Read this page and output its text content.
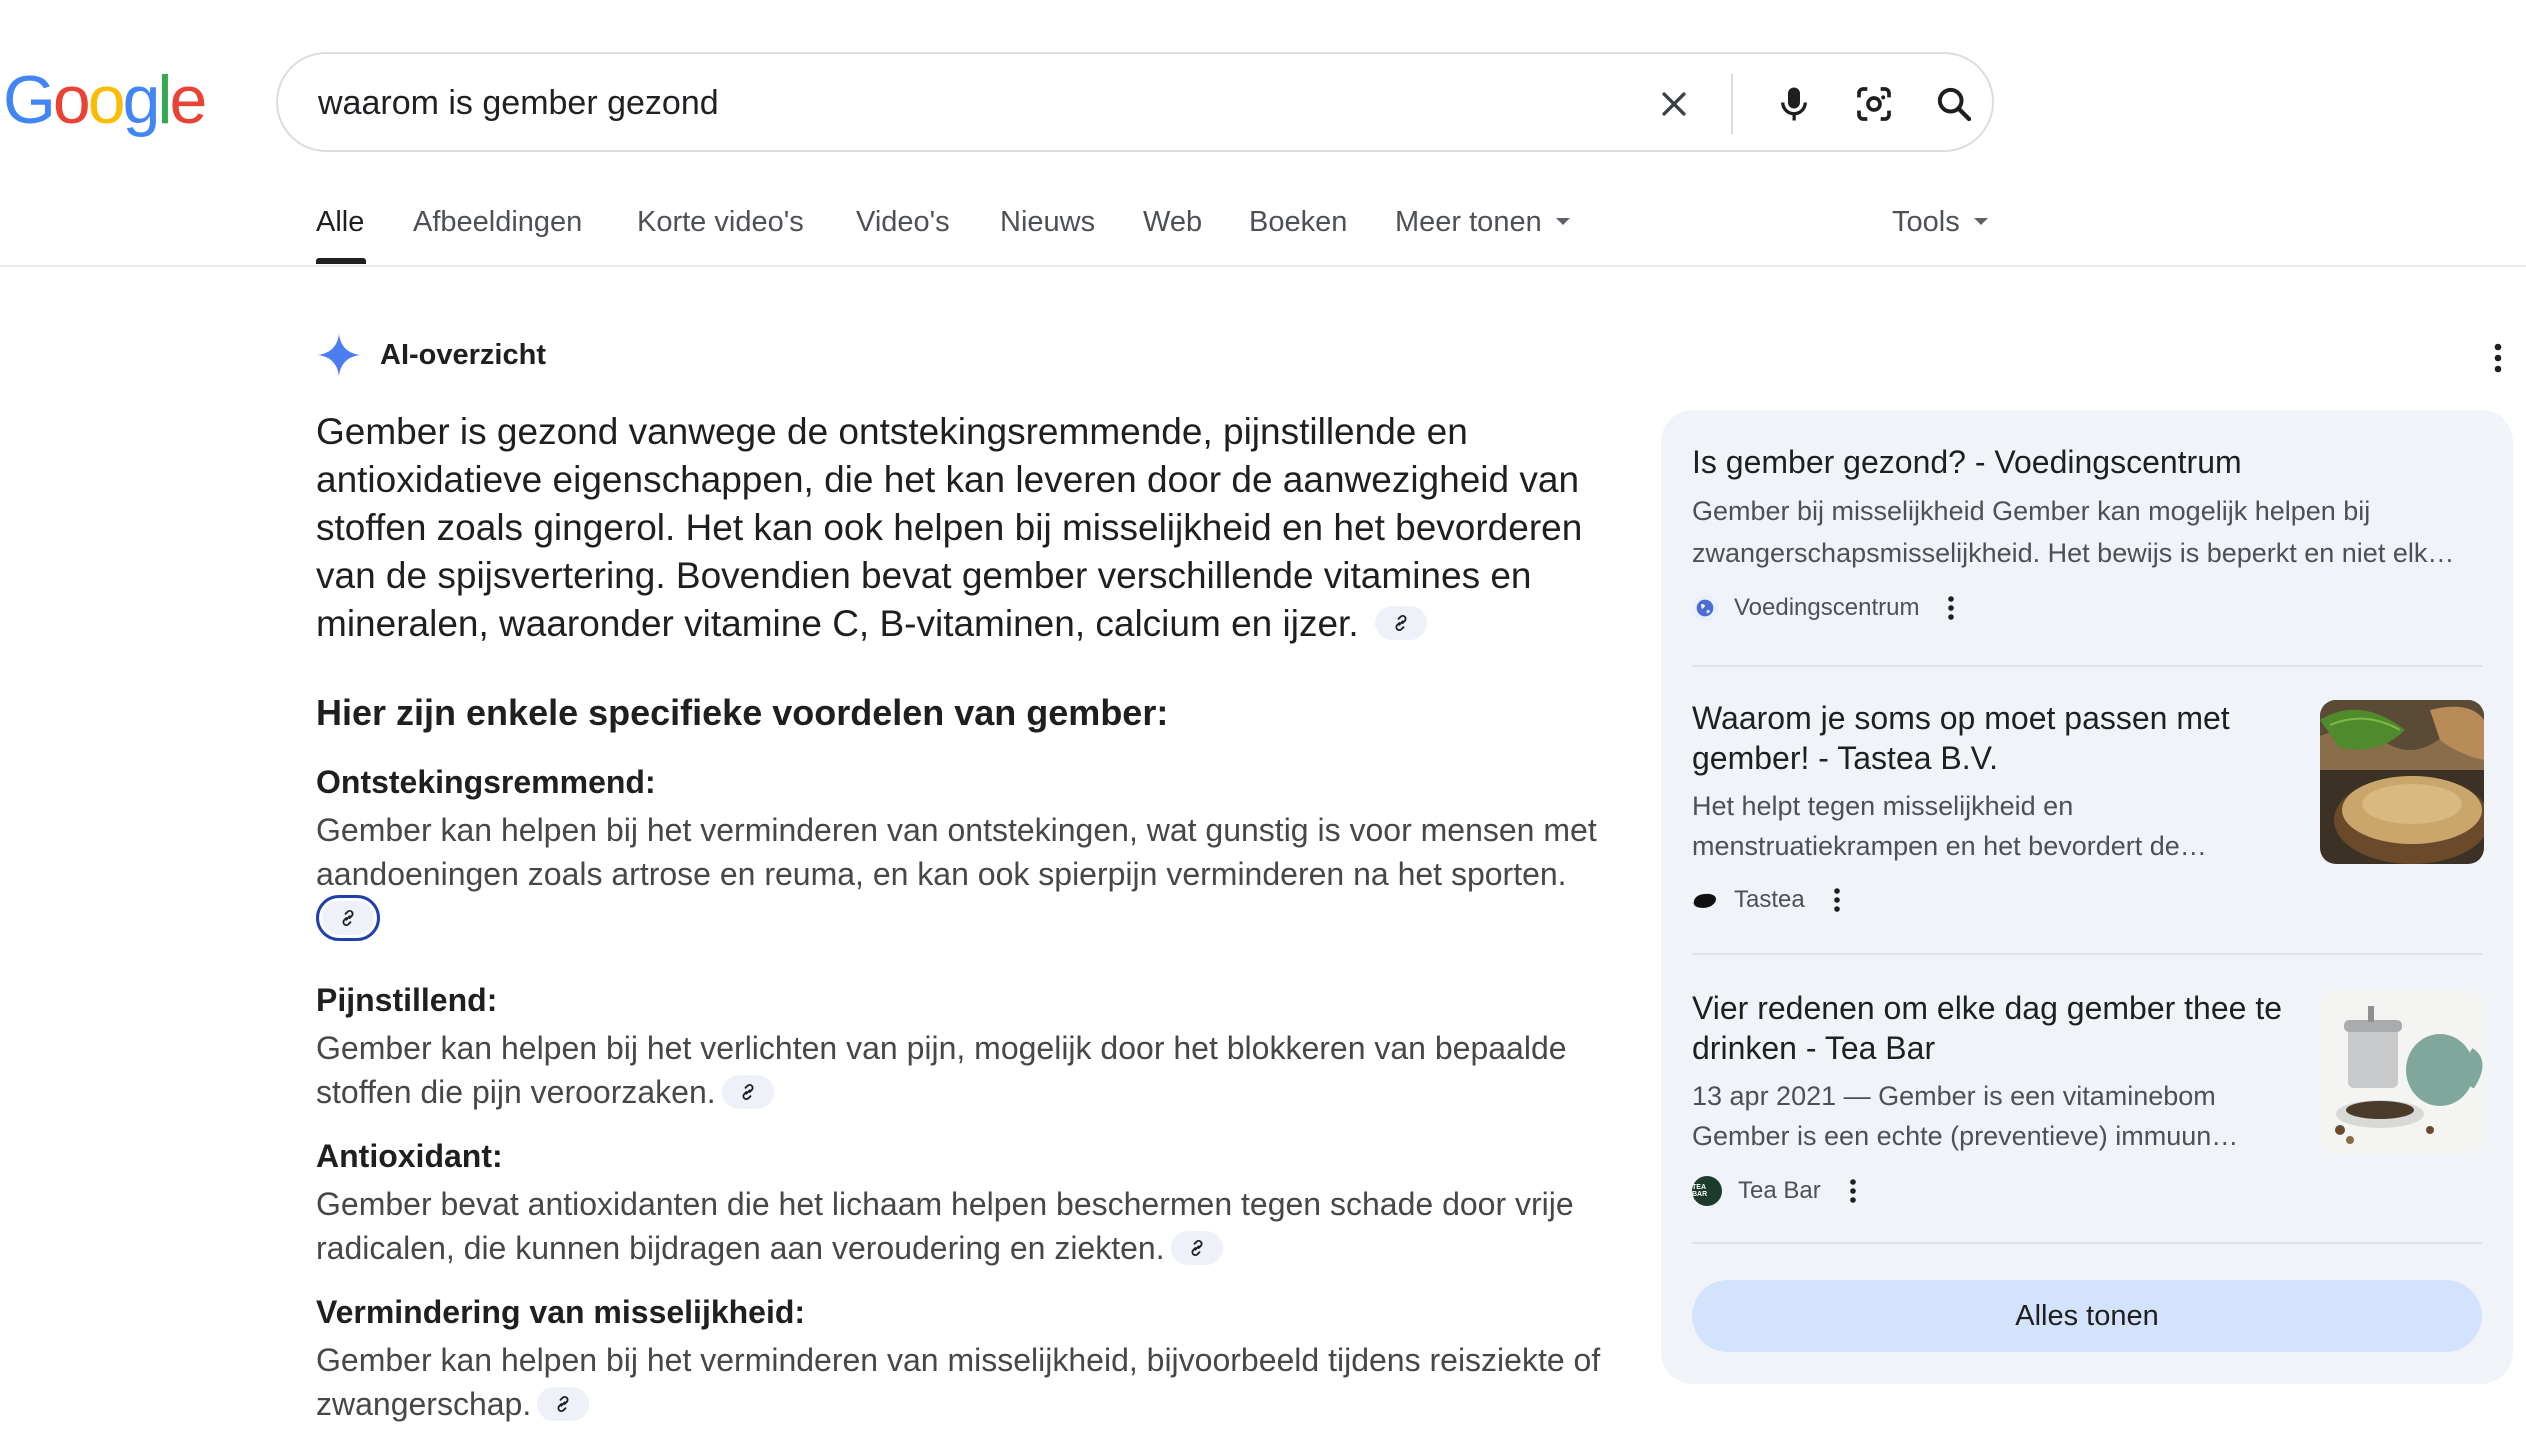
Google	waarom is gember gezond
Alle Afbeeldingen Korte video's Video's Nieuws Web Boeken Meer tonen	Tools
AI-overzicht
Gember is gezond vanwege de ontstekingsremmende, pijnstillende en antioxidatieve eigenschappen, die het kan leveren door de aanwezigheid van stoffen zoals gingerol. Het kan ook helpen bij misselijkheid en het bevorderen van de spijsvertering. Bovendien bevat gember verschillende vitamines en mineralen, waaronder vitamine C, B-vitaminen, calcium en ijzer.
Hier zijn enkele specifieke voordelen van gember:
Ontstekingsremmend:
Gember kan helpen bij het verminderen van ontstekingen, wat gunstig is voor mensen met aandoeningen zoals artrose en reuma, en kan ook spierpijn verminderen na het sporten.
Pijnstillend:
Gember kan helpen bij het verlichten van pijn, mogelijk door het blokkeren van bepaalde stoffen die pijn veroorzaken.
Antioxidant:
Gember bevat antioxidanten die het lichaam helpen beschermen tegen schade door vrije radicalen, die kunnen bijdragen aan veroudering en ziekten.
Vermindering van misselijkheid:
Gember kan helpen bij het verminderen van misselijkheid, bijvoorbeeld tijdens reisziekte of zwangerschap.
Is gember gezond? - Voedingscentrum
Gember bij misselijkheid Gember kan mogelijk helpen bij zwangerschapsmisselijkheid. Het bewijs is beperkt en niet elk…
Voedingscentrum
Waarom je soms op moet passen met gember! - Tastea B.V.
Het helpt tegen misselijkheid en menstruatiekrampen en het bevordert de…
Tastea
Vier redenen om elke dag gember thee te drinken - Tea Bar
13 apr 2021 — Gember is een vitaminebom Gember is een echte (preventieve) immuun…
TEA BAR	Tea Bar
Alles tonen
